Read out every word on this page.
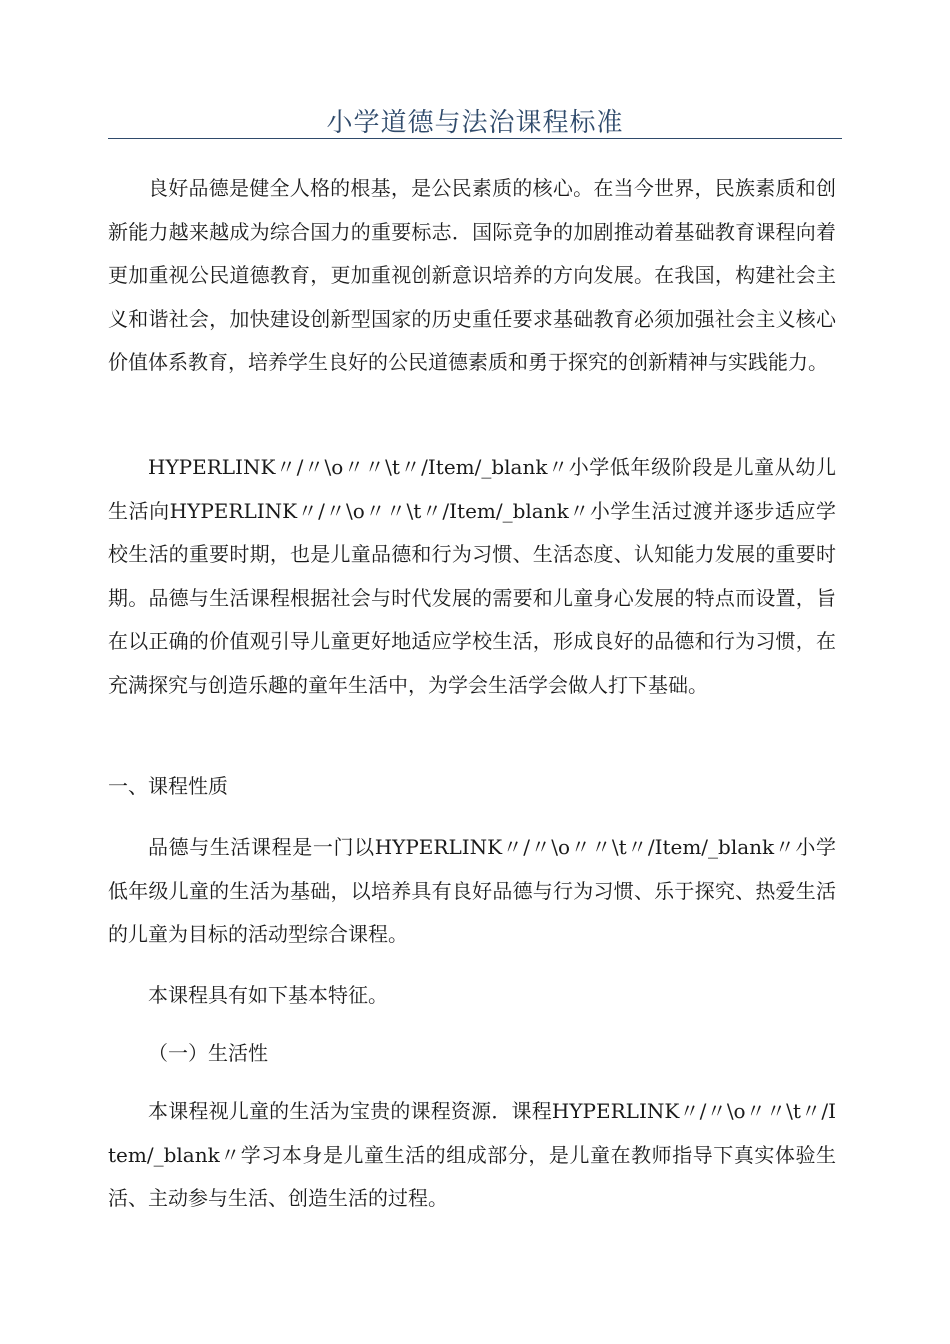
小学道德与法治课程标准

良好品德是健全人格的根基，是公民素质的核心。在当今世界，民族素质和创新能力越来越成为综合国力的重要标志．国际竞争的加剧推动着基础教育课程向着更加重视公民道德教育，更加重视创新意识培养的方向发展。在我国，构建社会主义和谐社会，加快建设创新型国家的历史重任要求基础教育必须加强社会主义核心价值体系教育，培养学生良好的公民道德素质和勇于探究的创新精神与实践能力。

HYPERLINK〃/〃\o〃〃\t〃/Item/_blank〃小学低年级阶段是儿童从幼儿生活向HYPERLINK〃/〃\o〃〃\t〃/Item/_blank〃小学生活过渡并逐步适应学校生活的重要时期，也是儿童品德和行为习惯、生活态度、认知能力发展的重要时期。品德与生活课程根据社会与时代发展的需要和儿童身心发展的特点而设置，旨在以正确的价值观引导儿童更好地适应学校生活，形成良好的品德和行为习惯，在充满探究与创造乐趣的童年生活中，为学会生活学会做人打下基础。

一、课程性质

品德与生活课程是一门以HYPERLINK〃/〃\o〃〃\t〃/Item/_blank〃小学低年级儿童的生活为基础，以培养具有良好品德与行为习惯、乐于探究、热爱生活的儿童为目标的活动型综合课程。

本课程具有如下基本特征。

（一）生活性

本课程视儿童的生活为宝贵的课程资源．课程HYPERLINK〃/〃\o〃〃\t〃/Item/_blank〃学习本身是儿童生活的组成部分，是儿童在教师指导下真实体验生活、主动参与生活、创造生活的过程。
